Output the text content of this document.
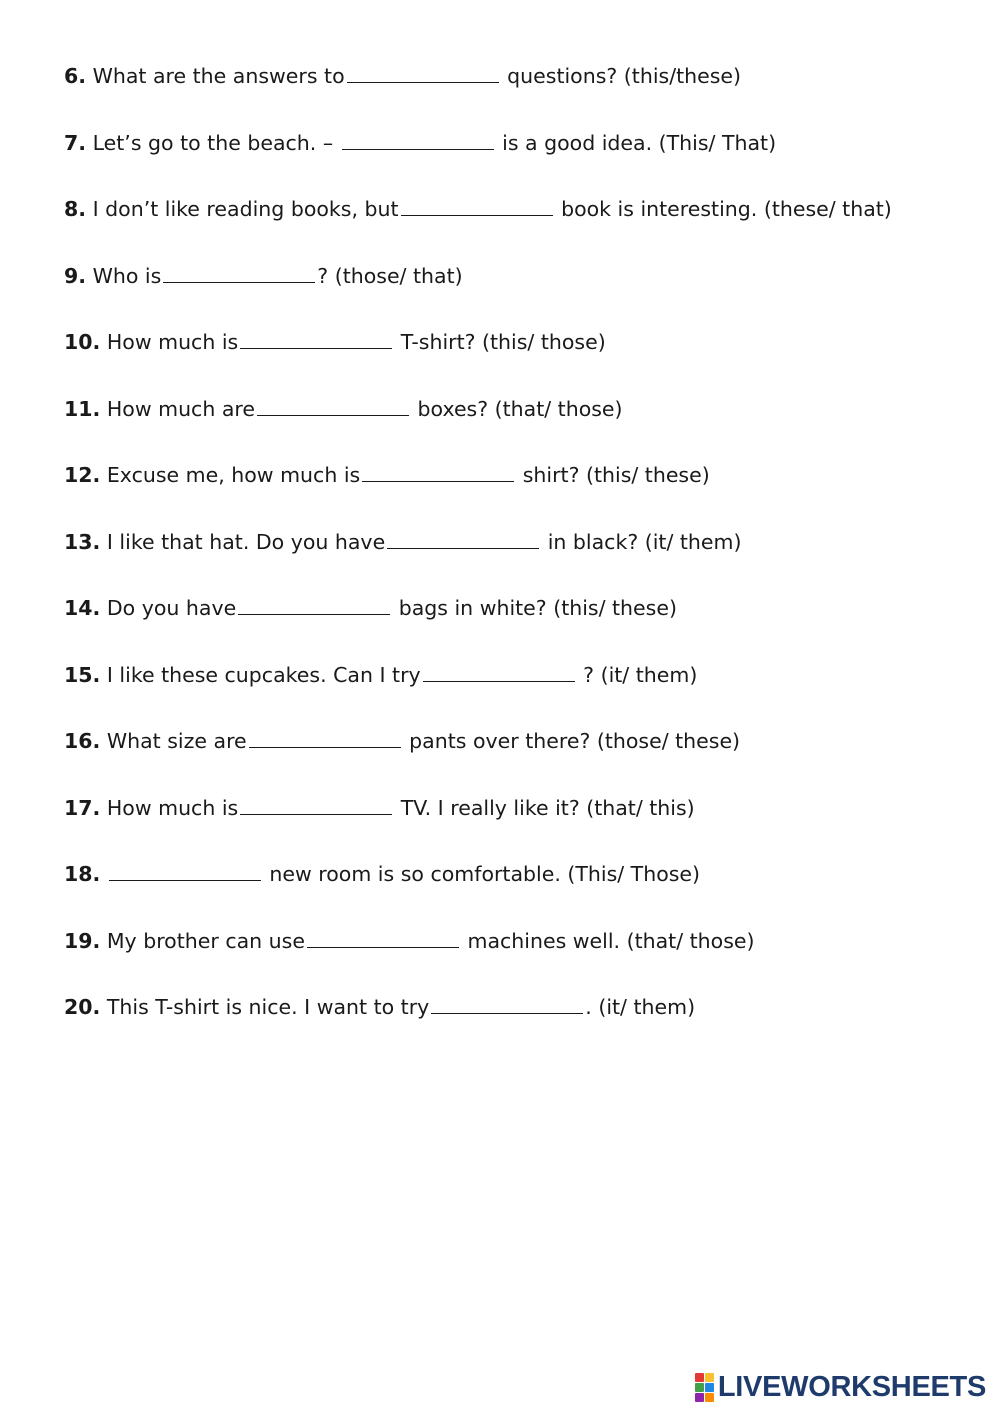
6. What are the answers to	questions? (this/these)
7. Let’s go to the beach. –	is a good idea. (This/ That)
8. I don’t like reading books, but	book is interesting. (these/ that)
9. Who is	? (those/ that)
10. How much is	T-shirt? (this/ those)
11. How much are	boxes? (that/ those)
12. Excuse me, how much is	shirt? (this/ these)
13. I like that hat. Do you have	in black? (it/ them)
14. Do you have	bags in white? (this/ these)
15. I like these cupcakes. Can I try	? (it/ them)
16. What size are	pants over there? (those/ these)
17. How much is	TV. I really like it? (that/ this)
18.	new room is so comfortable. (This/ Those)
19. My brother can use	machines well. (that/ those)
20. This T-shirt is nice. I want to try	. (it/ them)
LIVEWORKSHEETS
